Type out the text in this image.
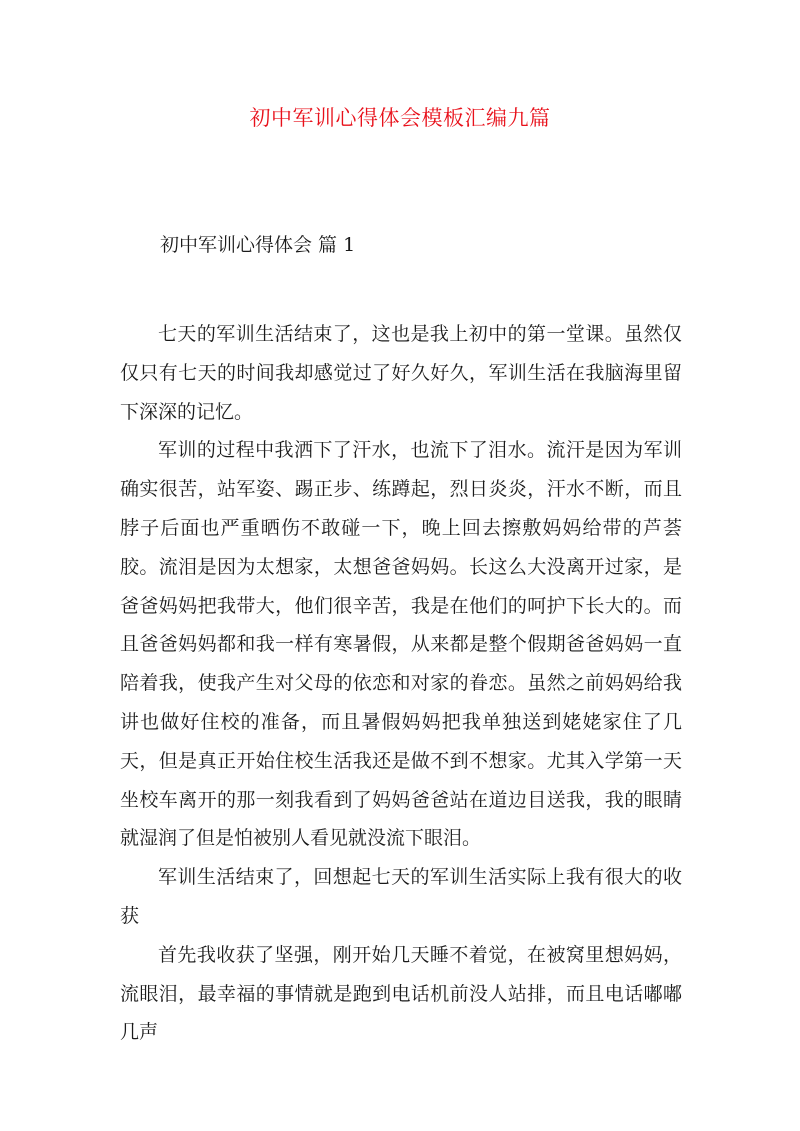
初中军训心得体会模板汇编九篇
初中军训心得体会 篇 1

七天的军训生活结束了，这也是我上初中的第一堂课。虽然仅仅只有七天的时间我却感觉过了好久好久，军训生活在我脑海里留下深深的记忆。

军训的过程中我洒下了汗水，也流下了泪水。流汗是因为军训确实很苦，站军姿、踢正步、练蹲起，烈日炎炎，汗水不断，而且脖子后面也严重晒伤不敢碰一下，晚上回去擦敷妈妈给带的芦荟胶。流泪是因为太想家，太想爸爸妈妈。长这么大没离开过家，是爸爸妈妈把我带大，他们很辛苦，我是在他们的呵护下长大的。而且爸爸妈妈都和我一样有寒暑假，从来都是整个假期爸爸妈妈一直陪着我，使我产生对父母的依恋和对家的眷恋。虽然之前妈妈给我讲也做好住校的准备，而且暑假妈妈把我单独送到姥姥家住了几天，但是真正开始住校生活我还是做不到不想家。尤其入学第一天坐校车离开的那一刻我看到了妈妈爸爸站在道边目送我，我的眼睛就湿润了但是怕被别人看见就没流下眼泪。

军训生活结束了，回想起七天的军训生活实际上我有很大的收获

首先我收获了坚强，刚开始几天睡不着觉，在被窝里想妈妈，流眼泪，最幸福的事情就是跑到电话机前没人站排，而且电话嘟嘟几声
